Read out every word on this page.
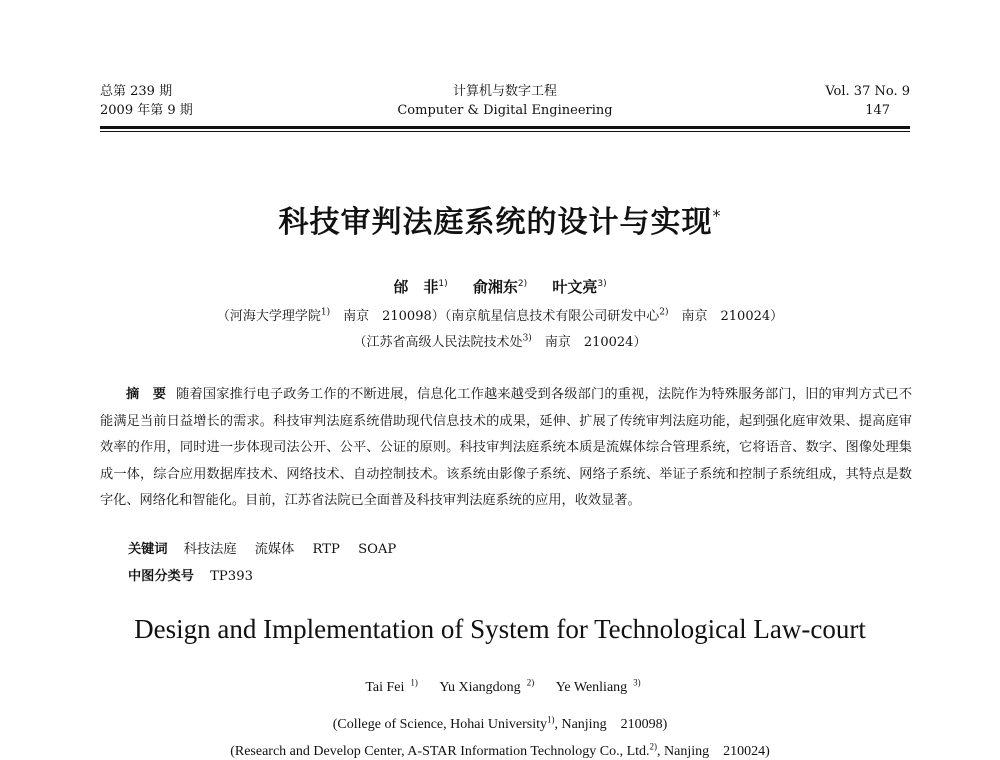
总第 239 期
2009 年第 9 期
计算机与数字工程
Computer & Digital Engineering
Vol. 37 No. 9
147
科技审判法庭系统的设计与实现*
邰　非$^{1)}$ 俞湘东$^{2)}$ 叶文亮$^{3)}$
（河海大学理学院$^{1)}$　南京　210098）（南京航星信息技术有限公司研发中心$^{2)}$　南京　210024）
（江苏省高级人民法院技术处$^{3)}$　南京　210024）
摘　要 随着国家推行电子政务工作的不断进展，信息化工作越来越受到各级部门的重视，法院作为特殊服务部门，旧的审判方式已不能满足当前日益增长的需求。科技审判法庭系统借助现代信息技术的成果，延伸、扩展了传统审判法庭功能，起到强化庭审效果、提高庭审效率的作用，同时进一步体现司法公开、公平、公证的原则。科技审判法庭系统本质是流媒体综合管理系统，它将语音、数字、图像处理集成一体，综合应用数据库技术、网络技术、自动控制技术。该系统由影像子系统、网络子系统、举证子系统和控制子系统组成，其特点是数字化、网络化和智能化。目前，江苏省法院已全面普及科技审判法庭系统的应用，收效显著。
关键词 科技法庭 流媒体 RTP SOAP
中图分类号 TP393
Design and Implementation of System for Technological Law-court
Tai Fei $^{1)}$ Yu Xiangdong $^{2)}$ Ye Wenliang $^{3)}$
(College of Science, Hohai University$^{1)}$, Nanjing　210098)
(Research and Develop Center, A-STAR Information Technology Co., Ltd.$^{2)}$, Nanjing　210024)
